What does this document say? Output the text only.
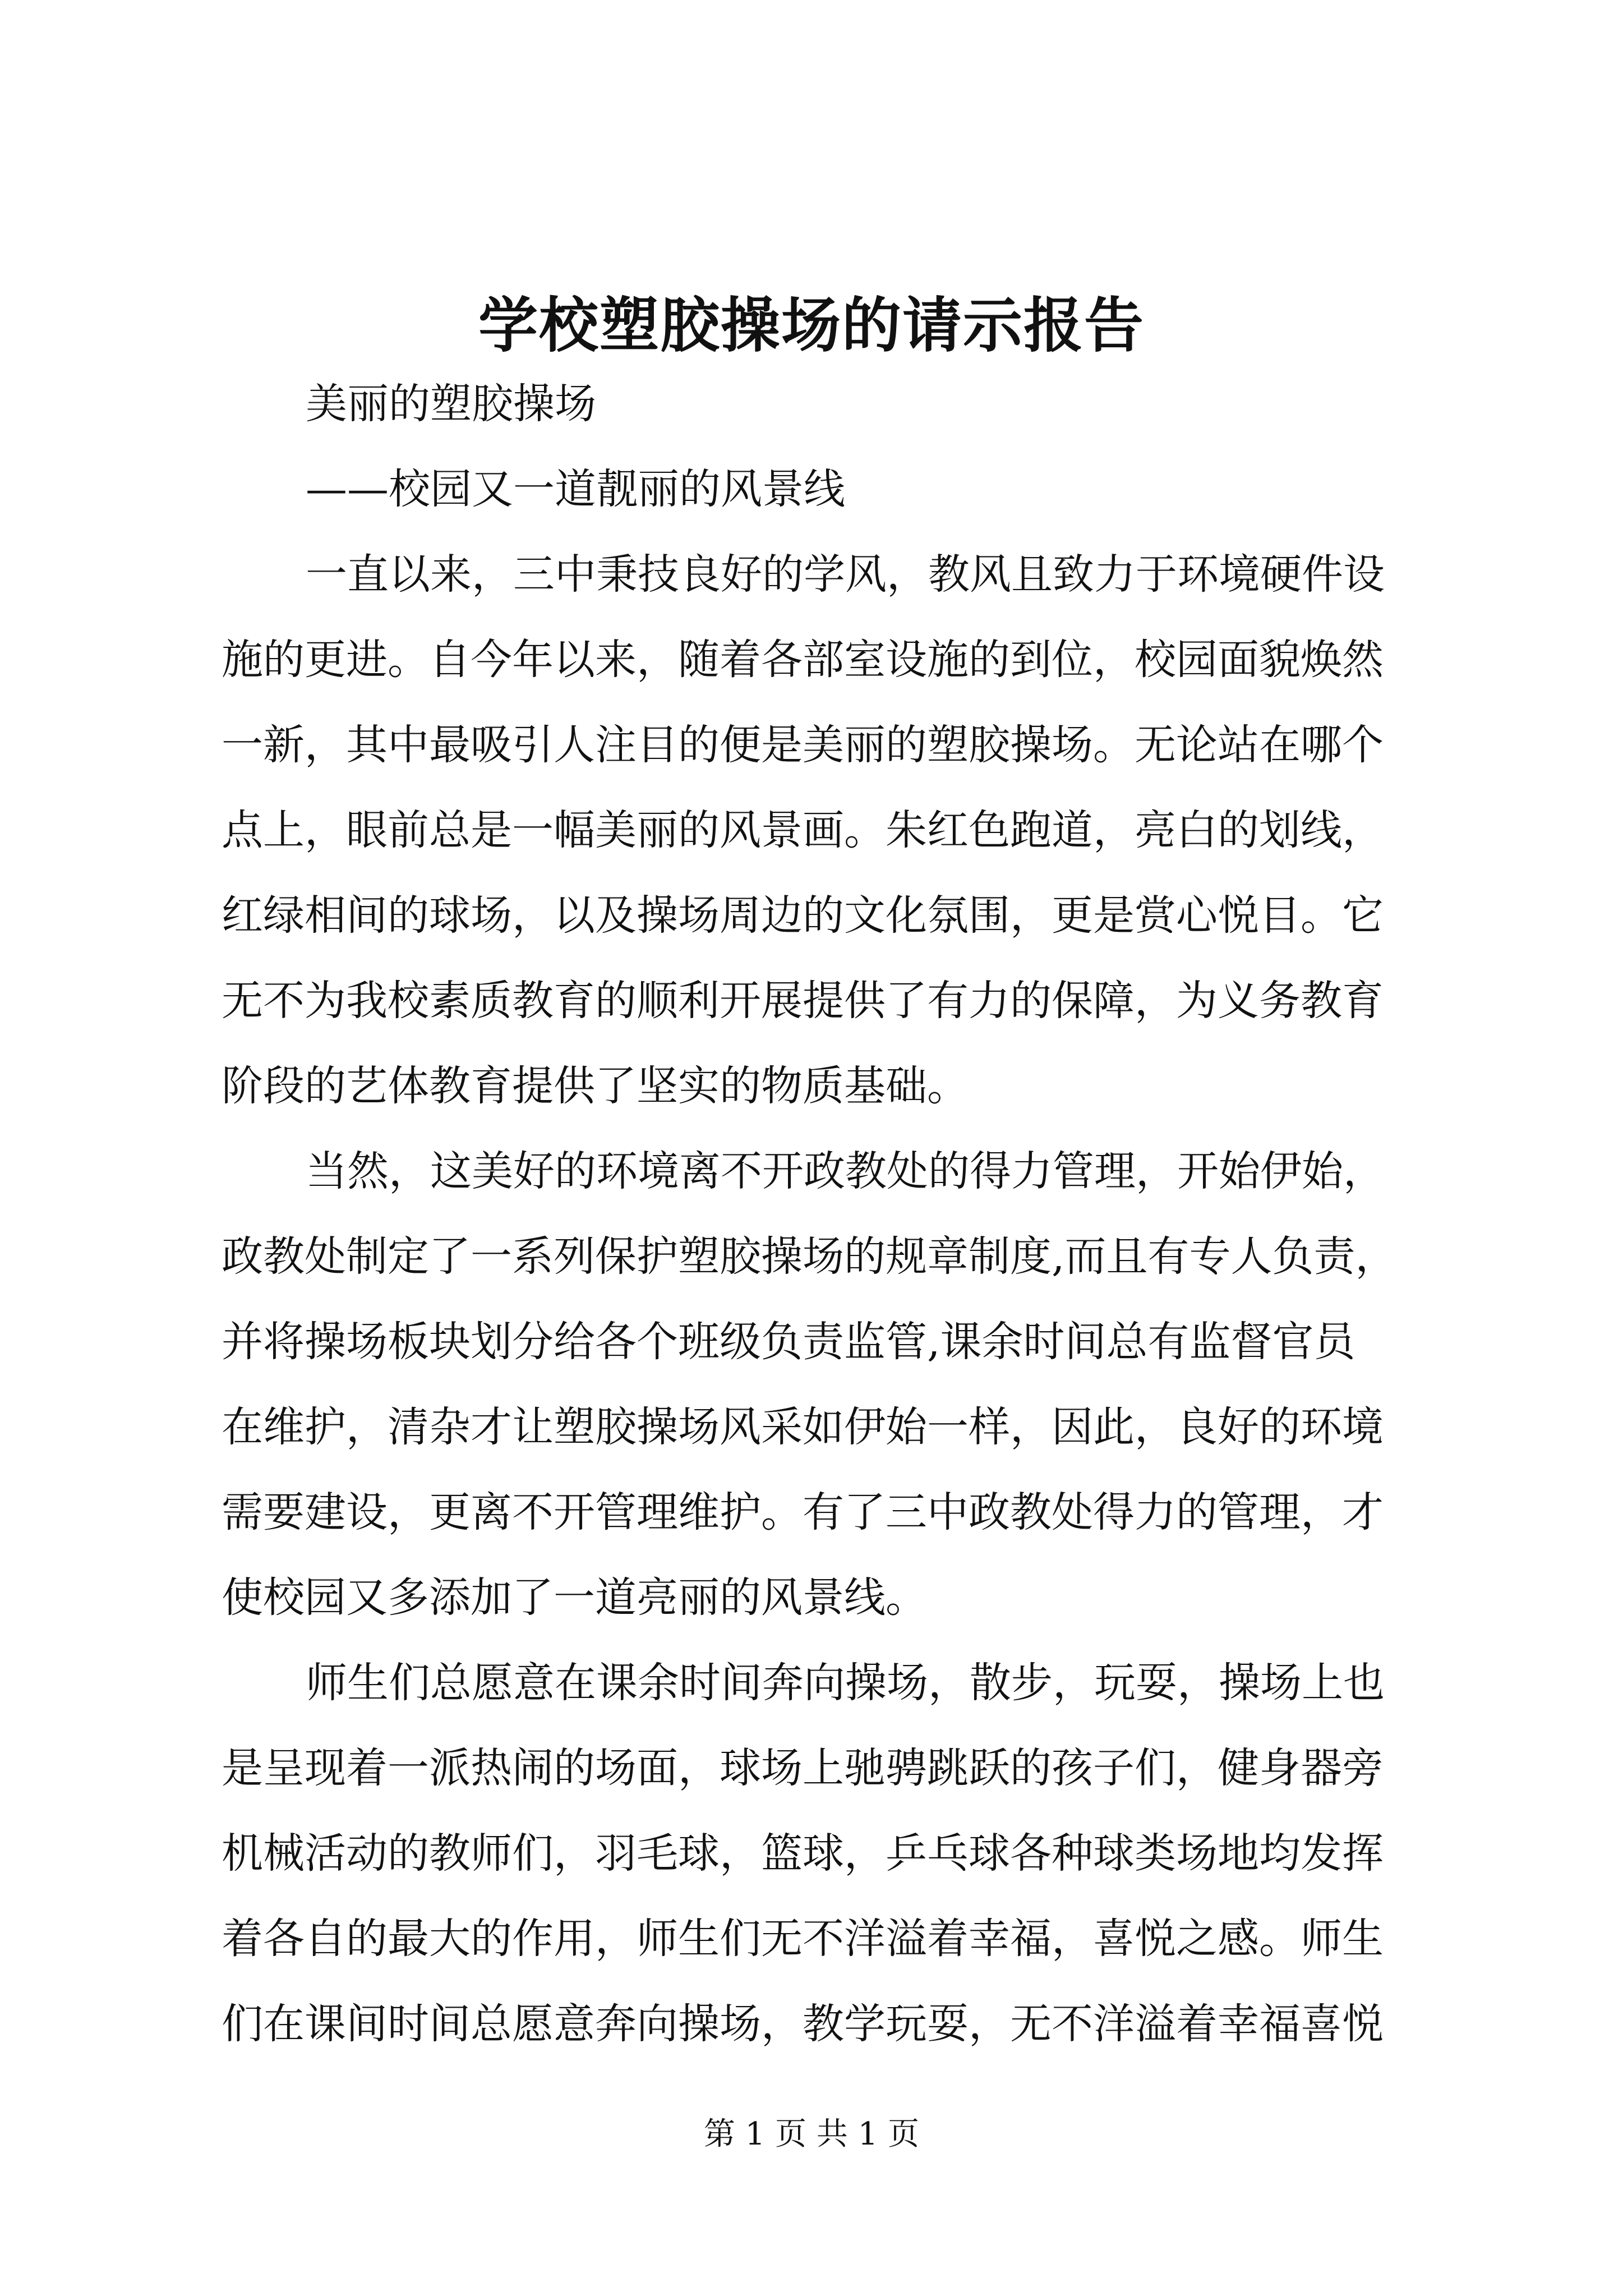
学校塑胶操场的请示报告

美丽的塑胶操场

——校园又一道靓丽的风景线

一直以来，三中秉技良好的学风，教风且致力于环境硬件设

施的更进。自今年以来，随着各部室设施的到位，校园面貌焕然

一新，其中最吸引人注目的便是美丽的塑胶操场。无论站在哪个

点上，眼前总是一幅美丽的风景画。朱红色跑道，亮白的划线，

红绿相间的球场，以及操场周边的文化氛围，更是赏心悦目。它

无不为我校素质教育的顺利开展提供了有力的保障，为义务教育

阶段的艺体教育提供了坚实的物质基础。

当然，这美好的环境离不开政教处的得力管理，开始伊始，

政教处制定了一系列保护塑胶操场的规章制度,而且有专人负责，

并将操场板块划分给各个班级负责监管,课余时间总有监督官员

在维护，清杂才让塑胶操场风采如伊始一样，因此，良好的环境

需要建设，更离不开管理维护。有了三中政教处得力的管理，才

使校园又多添加了一道亮丽的风景线。

师生们总愿意在课余时间奔向操场，散步，玩耍，操场上也

是呈现着一派热闹的场面，球场上驰骋跳跃的孩子们，健身器旁

机械活动的教师们，羽毛球，篮球，乒乓球各种球类场地均发挥

着各自的最大的作用，师生们无不洋溢着幸福，喜悦之感。师生

们在课间时间总愿意奔向操场，教学玩耍，无不洋溢着幸福喜悦

第 1 页 共 1 页
